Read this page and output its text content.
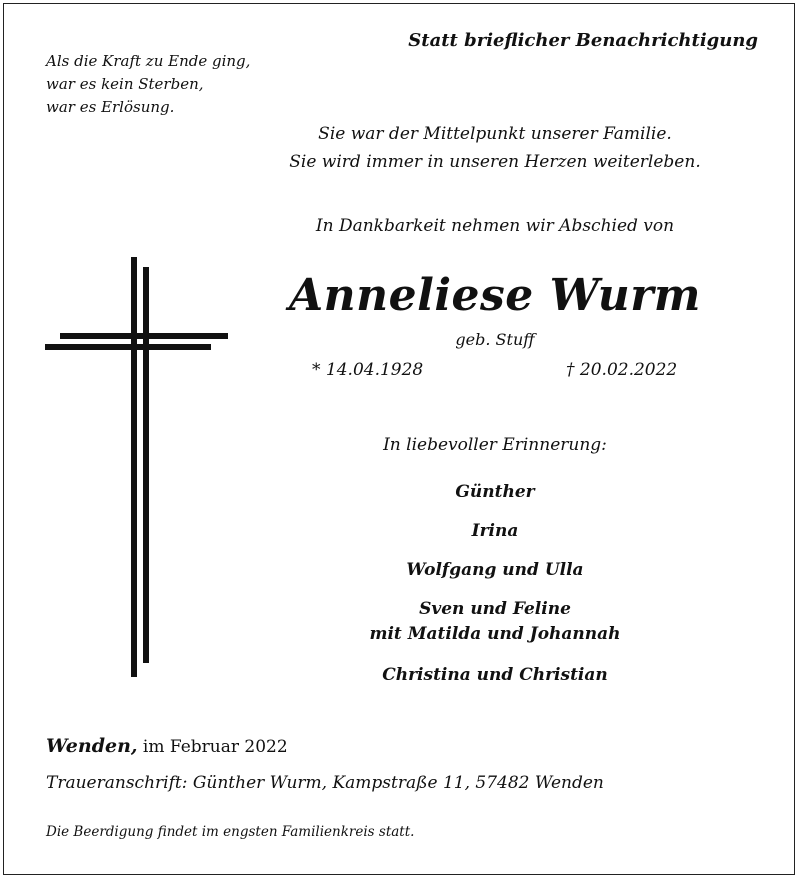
Statt brieflicher Benachrichtigung
Als die Kraft zu Ende ging,
war es kein Sterben,
war es Erlösung.
Sie war der Mittelpunkt unserer Familie.
Sie wird immer in unseren Herzen weiterleben.
In Dankbarkeit nehmen wir Abschied von
Anneliese Wurm
geb. Stuff
* 14.04.1928	† 20.02.2022
In liebevoller Erinnerung:
Günther
Irina
Wolfgang und Ulla
Sven und Feline
mit Matilda und Johannah
Christina und Christian
Wenden, im Februar 2022
Traueranschrift: Günther Wurm, Kampstraße 11, 57482 Wenden
Die Beerdigung findet im engsten Familienkreis statt.
